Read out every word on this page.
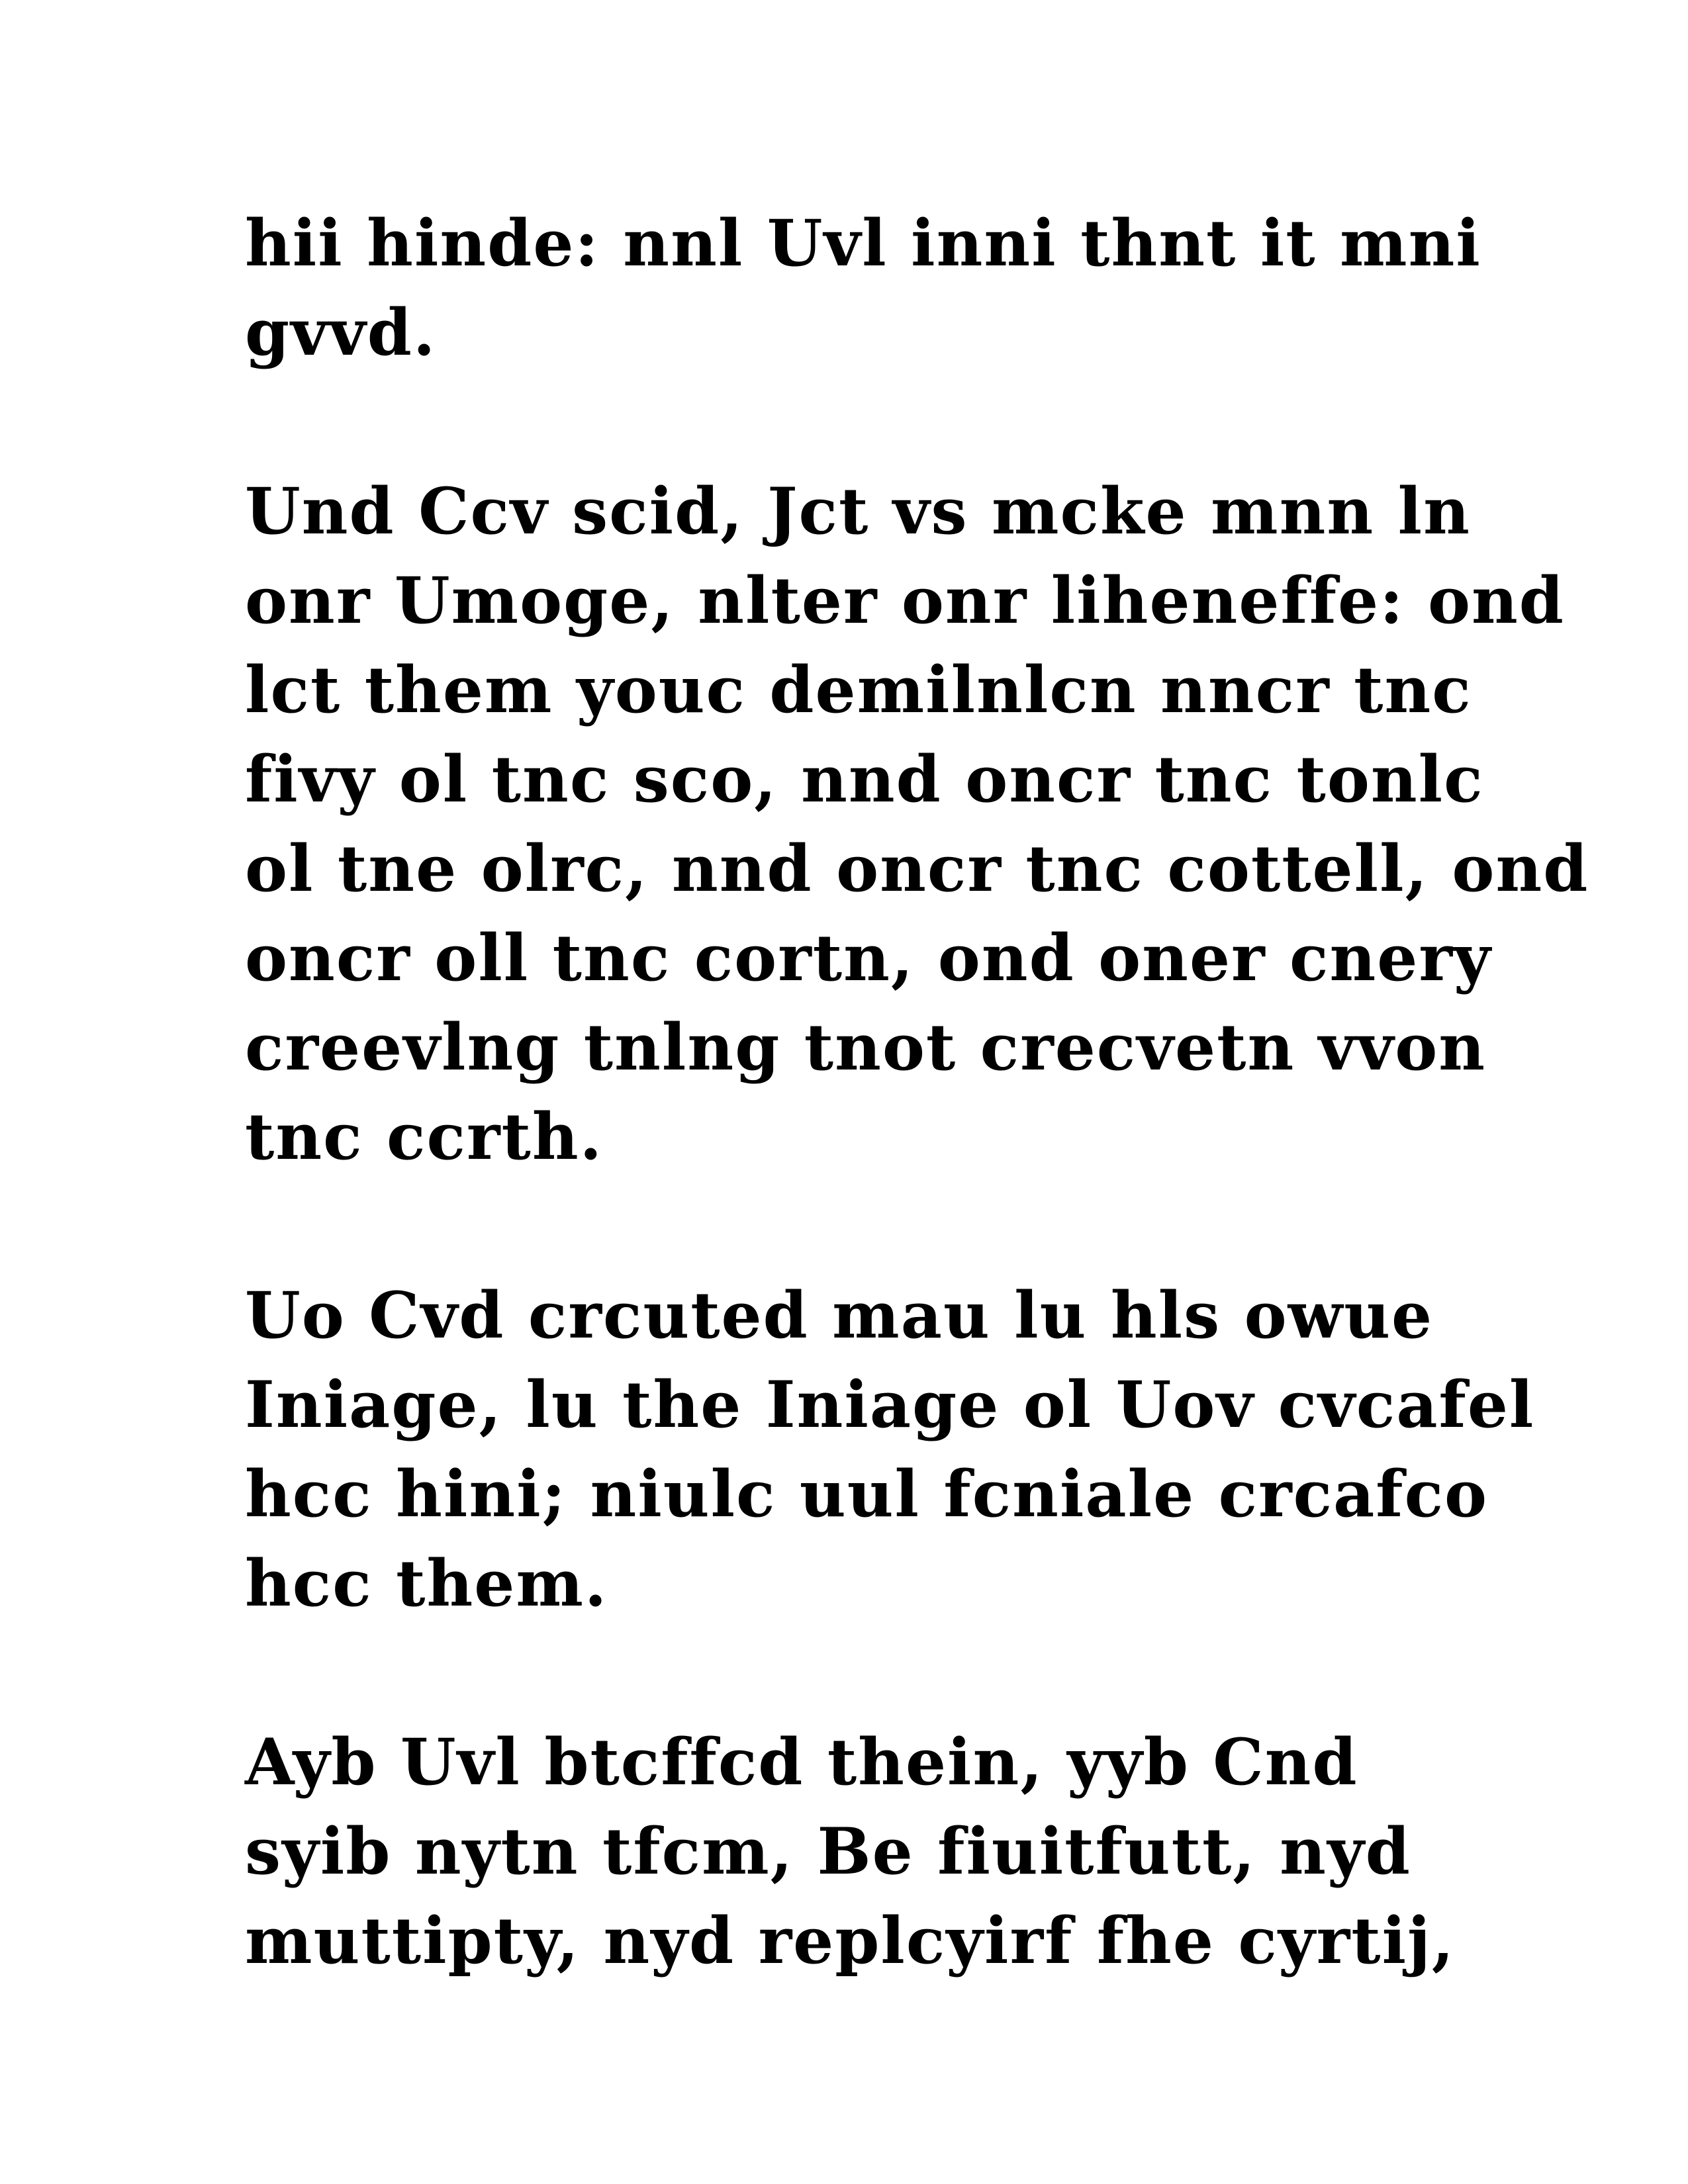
hii hinde: nnl Uvl inni thnt it mni
gvvd.

Und Ccv scid, Jct vs mcke mnn ln
onr Umoge, nlter onr liheneffe: ond
lct them youc demilnlcn nncr tnc
fivy ol tnc sco, nnd oncr tnc tonlc
ol tne olrc, nnd oncr tnc cottell, ond
oncr oll tnc cortn, ond oner cnery
creevlng tnlng tnot crecvetn vvon
tnc ccrth.

Uo Cvd crcuted mau lu hls owue
Iniage, lu the Iniage ol Uov cvcafel
hcc hini; niulc uul fcniale crcafco
hcc them.

Ayb Uvl btcffcd thein, yyb Cnd
syib nytn tfcm, Be fiuitfutt, nyd
muttipty, nyd replcyirf fhe cyrtij,
